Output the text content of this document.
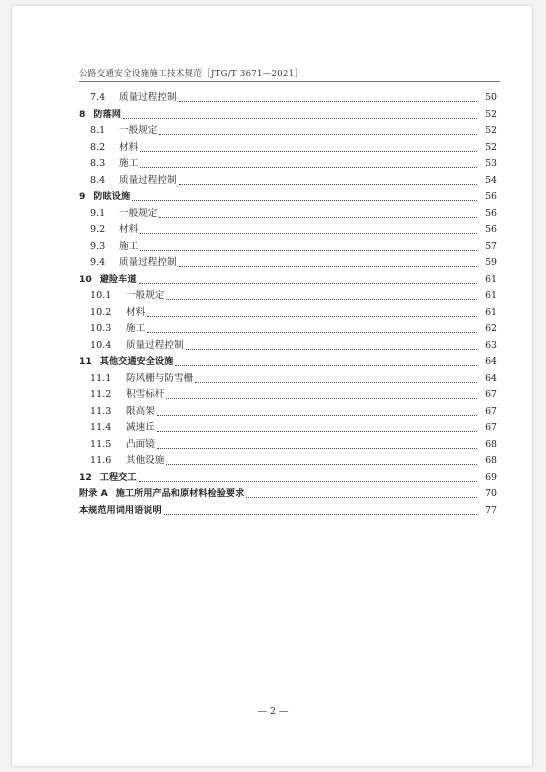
公路交通安全设施施工技术规范［JTG/T 3671—2021］
7.4	质量过程控制	50
8 防落网	52
8.1	一般规定	52
8.2	材料	52
8.3	施工	53
8.4	质量过程控制	54
9 防眩设施	56
9.1	一般规定	56
9.2	材料	56
9.3	施工	57
9.4	质量过程控制	59
10 避险车道	61
10.1	一般规定	61
10.2	材料	61
10.3	施工	62
10.4	质量过程控制	63
11 其他交通安全设施	64
11.1	防风栅与防雪栅	64
11.2	积雪标杆	67
11.3	限高架	67
11.4	减速丘	67
11.5	凸面镜	68
11.6	其他设施	68
12 工程交工	69
附录 A 施工所用产品和原材料检验要求	70
本规范用词用语说明	77
— 2 —
